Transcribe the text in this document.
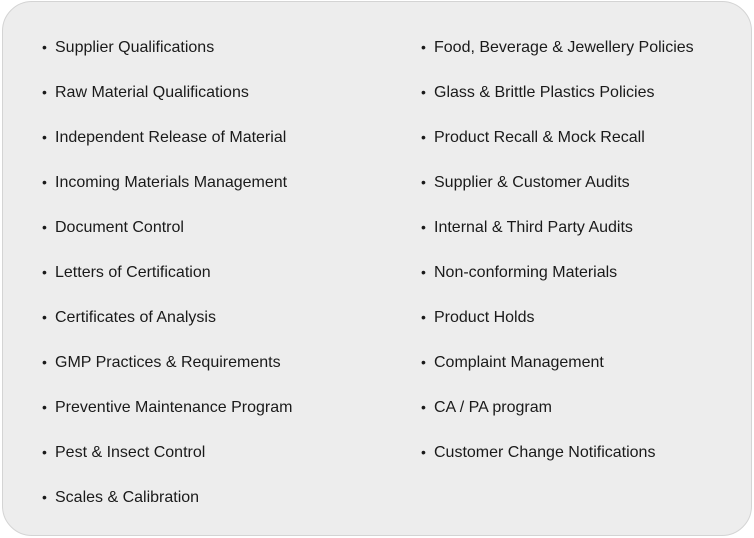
• Supplier Qualifications
• Raw Material Qualifications
• Independent Release of Material
• Incoming Materials Management
• Document Control
• Letters of Certification
• Certificates of Analysis
• GMP Practices & Requirements
• Preventive Maintenance Program
• Pest & Insect Control
• Scales & Calibration
• Food, Beverage & Jewellery Policies
• Glass & Brittle Plastics Policies
• Product Recall & Mock Recall
• Supplier & Customer Audits
• Internal & Third Party Audits
• Non-conforming Materials
• Product Holds
• Complaint Management
• CA / PA program
• Customer Change Notifications
